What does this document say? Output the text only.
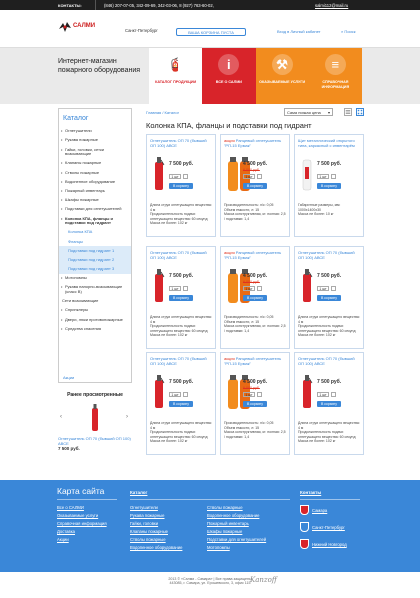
КОНТАКТЫ:	(846) 207-07-05, 342-09-69, 342-03-06, 8 (927) 763-60-02,	salmi112@mail.ru
САЛМИ
Санкт-Петербург	ВАША КОРЗИНА ПУСТА	Вход в Личный кабинет	⌕ Поиск
Интернет-магазин пожарного оборудования	🧯
КАТАЛОГ ПРОДУКЦИИ
i
ВСЕ О САЛМИ
⚒
ОКАЗЫВАЕМЫЕ УСЛУГИ
≡
СПРАВОЧНАЯ ИНФОРМАЦИЯ
Каталог
• Огнетушители
• Рукава пожарные
• Гайки, головки, сетки всасывающие
• Клапаны пожарные
• Стволы пожарные
• Водопенное оборудование
• Пожарный инвентарь
• Шкафы пожарные
• Подставки для огнетушителей
• Колонка КПА, фланцы и подставки под гидрант
Колонка КПА
Фланцы
Подставки под гидрант 1
Подставки под гидрант 2
Подставки под гидрант 3
• Мотопомпы
• Рукава напорно-всасывающие (класс В)
Сети всасывающие
• Спринклеры
• Двери, люки противопожарные
• Средства спасения
Акции
Ранее просмотренные
‹	›
Огнетушитель ОП 70 (бывший ОП 100) АВСЕ
7 500 руб.
Главная / Каталог	Сама низкая цена ▾
Колонка КПА, фланцы и подставки под гидрант
Огнетушитель ОП 70 (бывший ОП 100) АВСЕ
7 500 руб.
1 шт
В корзину
Длина струи огнетушащего вещества: 4 м
Продолжительность подачи огнетушащего вещества: 60 секунд
Масса не более: 102 кг
акция Ранцевый огнетушитель "РП-15 Ермак"
4 500 руб.
6 000 руб.
1 шт
В корзину
Производительность: л/с: 0,05
Объем емкости, л: 15
Масса конструктивная, кг: полная: 2,5 / подставки: 1,4
Щит металлический открытого типа, каркасный с инвентарём
7 500 руб.
1 шт
В корзину
Габаритные размеры, мм: 1000х1400х30
Масса не более: 10 кг
Огнетушитель ОП 70 (бывший ОП 100) АВСЕ
7 500 руб.
1 шт
В корзину
Длина струи огнетушащего вещества: 4 м
Продолжительность подачи огнетушащего вещества: 60 секунд
Масса не более: 102 кг
акция Ранцевый огнетушитель "РП-15 Ермак"
4 500 руб.
6 000 руб.
1 шт
В корзину
Производительность: л/с: 0,05
Объем емкости, л: 15
Масса конструктивная, кг: полная: 2,5 / подставки: 1,4
Огнетушитель ОП 70 (бывший ОП 100) АВСЕ
7 500 руб.
1 шт
В корзину
Длина струи огнетушащего вещества: 4 м
Продолжительность подачи огнетушащего вещества: 60 секунд
Масса не более: 102 кг
Огнетушитель ОП 70 (бывший ОП 100) АВСЕ
7 500 руб.
1 шт
В корзину
Длина струи огнетушащего вещества: 4 м
Продолжительность подачи огнетушащего вещества: 60 секунд
Масса не более: 102 кг
акция Ранцевый огнетушитель "РП-15 Ермак"
4 500 руб.
6 000 руб.
1 шт
В корзину
Производительность: л/с: 0,05
Объем емкости, л: 15
Масса конструктивная, кг: полная: 2,5 / подставки: 1,4
Огнетушитель ОП 70 (бывший ОП 100) АВСЕ
7 500 руб.
1 шт
В корзину
Длина струи огнетушащего вещества: 4 м
Продолжительность подачи огнетушащего вещества: 60 секунд
Масса не более: 102 кг
Карта сайта
Все о САЛМИ
Оказываемые услуги
Справочная информация
Доставка
Акции
Каталог
Огнетушители
Рукава пожарные
Гайки, головки
Клапаны пожарные
Стволы пожарные
Водопенное оборудование
Стволы пожарные
Водопенное оборудование
Пожарный инвентарь
Шкафы пожарные
Подставки для огнетушителей
Мотопомпы
Контакты
Самара
Санкт-Петербург
Нижний Новгород
2013 © «Салми - Самара» | Все права защищены
443085, г. Самара, ул. Ерошевского, 3, офис 115 Kanzoff
